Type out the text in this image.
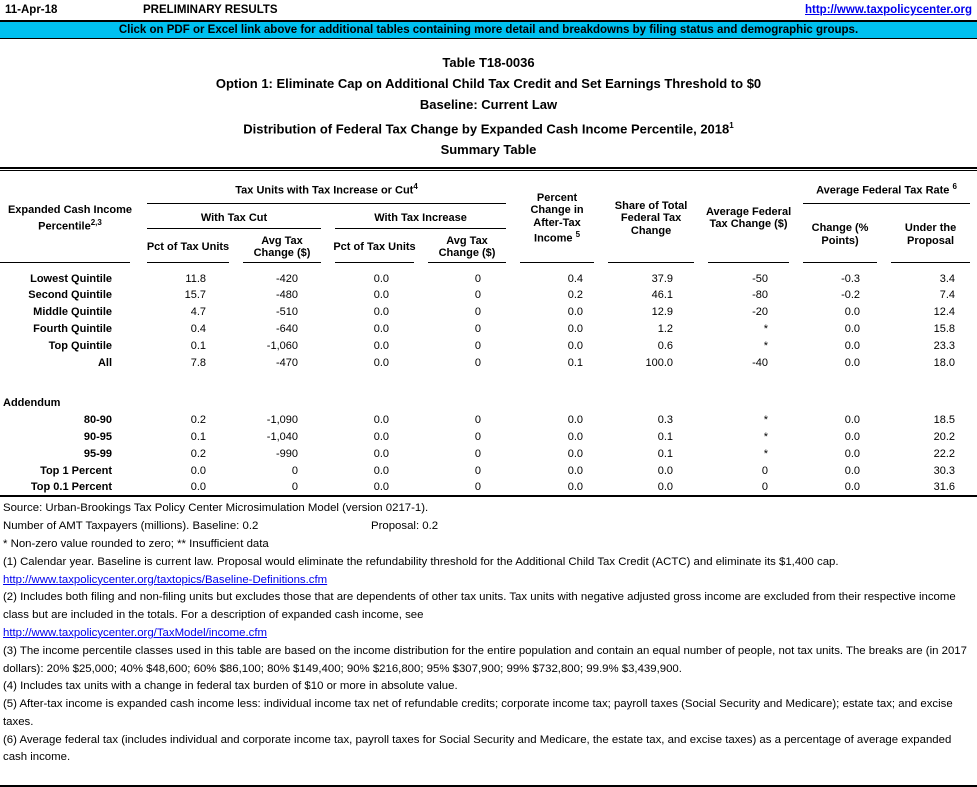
11-Apr-18	PRELIMINARY RESULTS	http://www.taxpolicycenter.org
Click on PDF or Excel link above for additional tables containing more detail and breakdowns by filing status and demographic groups.
Table T18-0036
Option 1: Eliminate Cap on Additional Child Tax Credit and Set Earnings Threshold to $0
Baseline: Current Law
Distribution of Federal Tax Change by Expanded Cash Income Percentile, 2018$^1$
Summary Table
Expanded Cash Income Percentile$^{2,3}$	Tax Units with Tax Increase or Cut$^4$				Percent Change in After-Tax Income $^5$	Share of Total Federal Tax Change	Average Federal Tax Change ($)	Average Federal Tax Rate $^6$

	With Tax Cut		With Tax Increase					Change (% Points)	Under the Proposal

	Pct of Tax Units	Avg Tax Change ($)	Pct of Tax Units	Avg Tax Change ($)					

Lowest Quintile	11.8	-420	0.0	0	0.4	37.9	-50	-0.3	3.4
Second Quintile	15.7	-480	0.0	0	0.2	46.1	-80	-0.2	7.4
Middle Quintile	4.7	-510	0.0	0	0.0	12.9	-20	0.0	12.4
Fourth Quintile	0.4	-640	0.0	0	0.0	1.2	*	0.0	15.8
Top Quintile	0.1	-1,060	0.0	0	0.0	0.6	*	0.0	23.3
All	7.8	-470	0.0	0	0.1	100.0	-40	0.0	18.0
Addendum									
80-90	0.2	-1,090	0.0	0	0.0	0.3	*	0.0	18.5
90-95	0.1	-1,040	0.0	0	0.0	0.1	*	0.0	20.2
95-99	0.2	-990	0.0	0	0.0	0.1	*	0.0	22.2
Top 1 Percent	0.0	0	0.0	0	0.0	0.0	0	0.0	30.3
Top 0.1 Percent	0.0	0	0.0	0	0.0	0.0	0	0.0	31.6
Source: Urban-Brookings Tax Policy Center Microsimulation Model (version 0217-1).
Number of AMT Taxpayers (millions). Baseline: 0.2	Proposal: 0.2
* Non-zero value rounded to zero; ** Insufficient data
(1) Calendar year. Baseline is current law. Proposal would eliminate the refundability threshold for the Additional Child Tax Credit (ACTC) and eliminate its $1,400 cap.
http://www.taxpolicycenter.org/taxtopics/Baseline-Definitions.cfm
(2) Includes both filing and non-filing units but excludes those that are dependents of other tax units. Tax units with negative adjusted gross income are excluded from their respective income class but are included in the totals. For a description of expanded cash income, see
http://www.taxpolicycenter.org/TaxModel/income.cfm
(3) The income percentile classes used in this table are based on the income distribution for the entire population and contain an equal number of people, not tax units. The breaks are (in 2017 dollars): 20% $25,000; 40% $48,600; 60% $86,100; 80% $149,400; 90% $216,800; 95% $307,900; 99% $732,800; 99.9% $3,439,900.
(4) Includes tax units with a change in federal tax burden of $10 or more in absolute value.
(5) After-tax income is expanded cash income less: individual income tax net of refundable credits; corporate income tax; payroll taxes (Social Security and Medicare); estate tax; and excise taxes.
(6) Average federal tax (includes individual and corporate income tax, payroll taxes for Social Security and Medicare, the estate tax, and excise taxes) as a percentage of average expanded cash income.
